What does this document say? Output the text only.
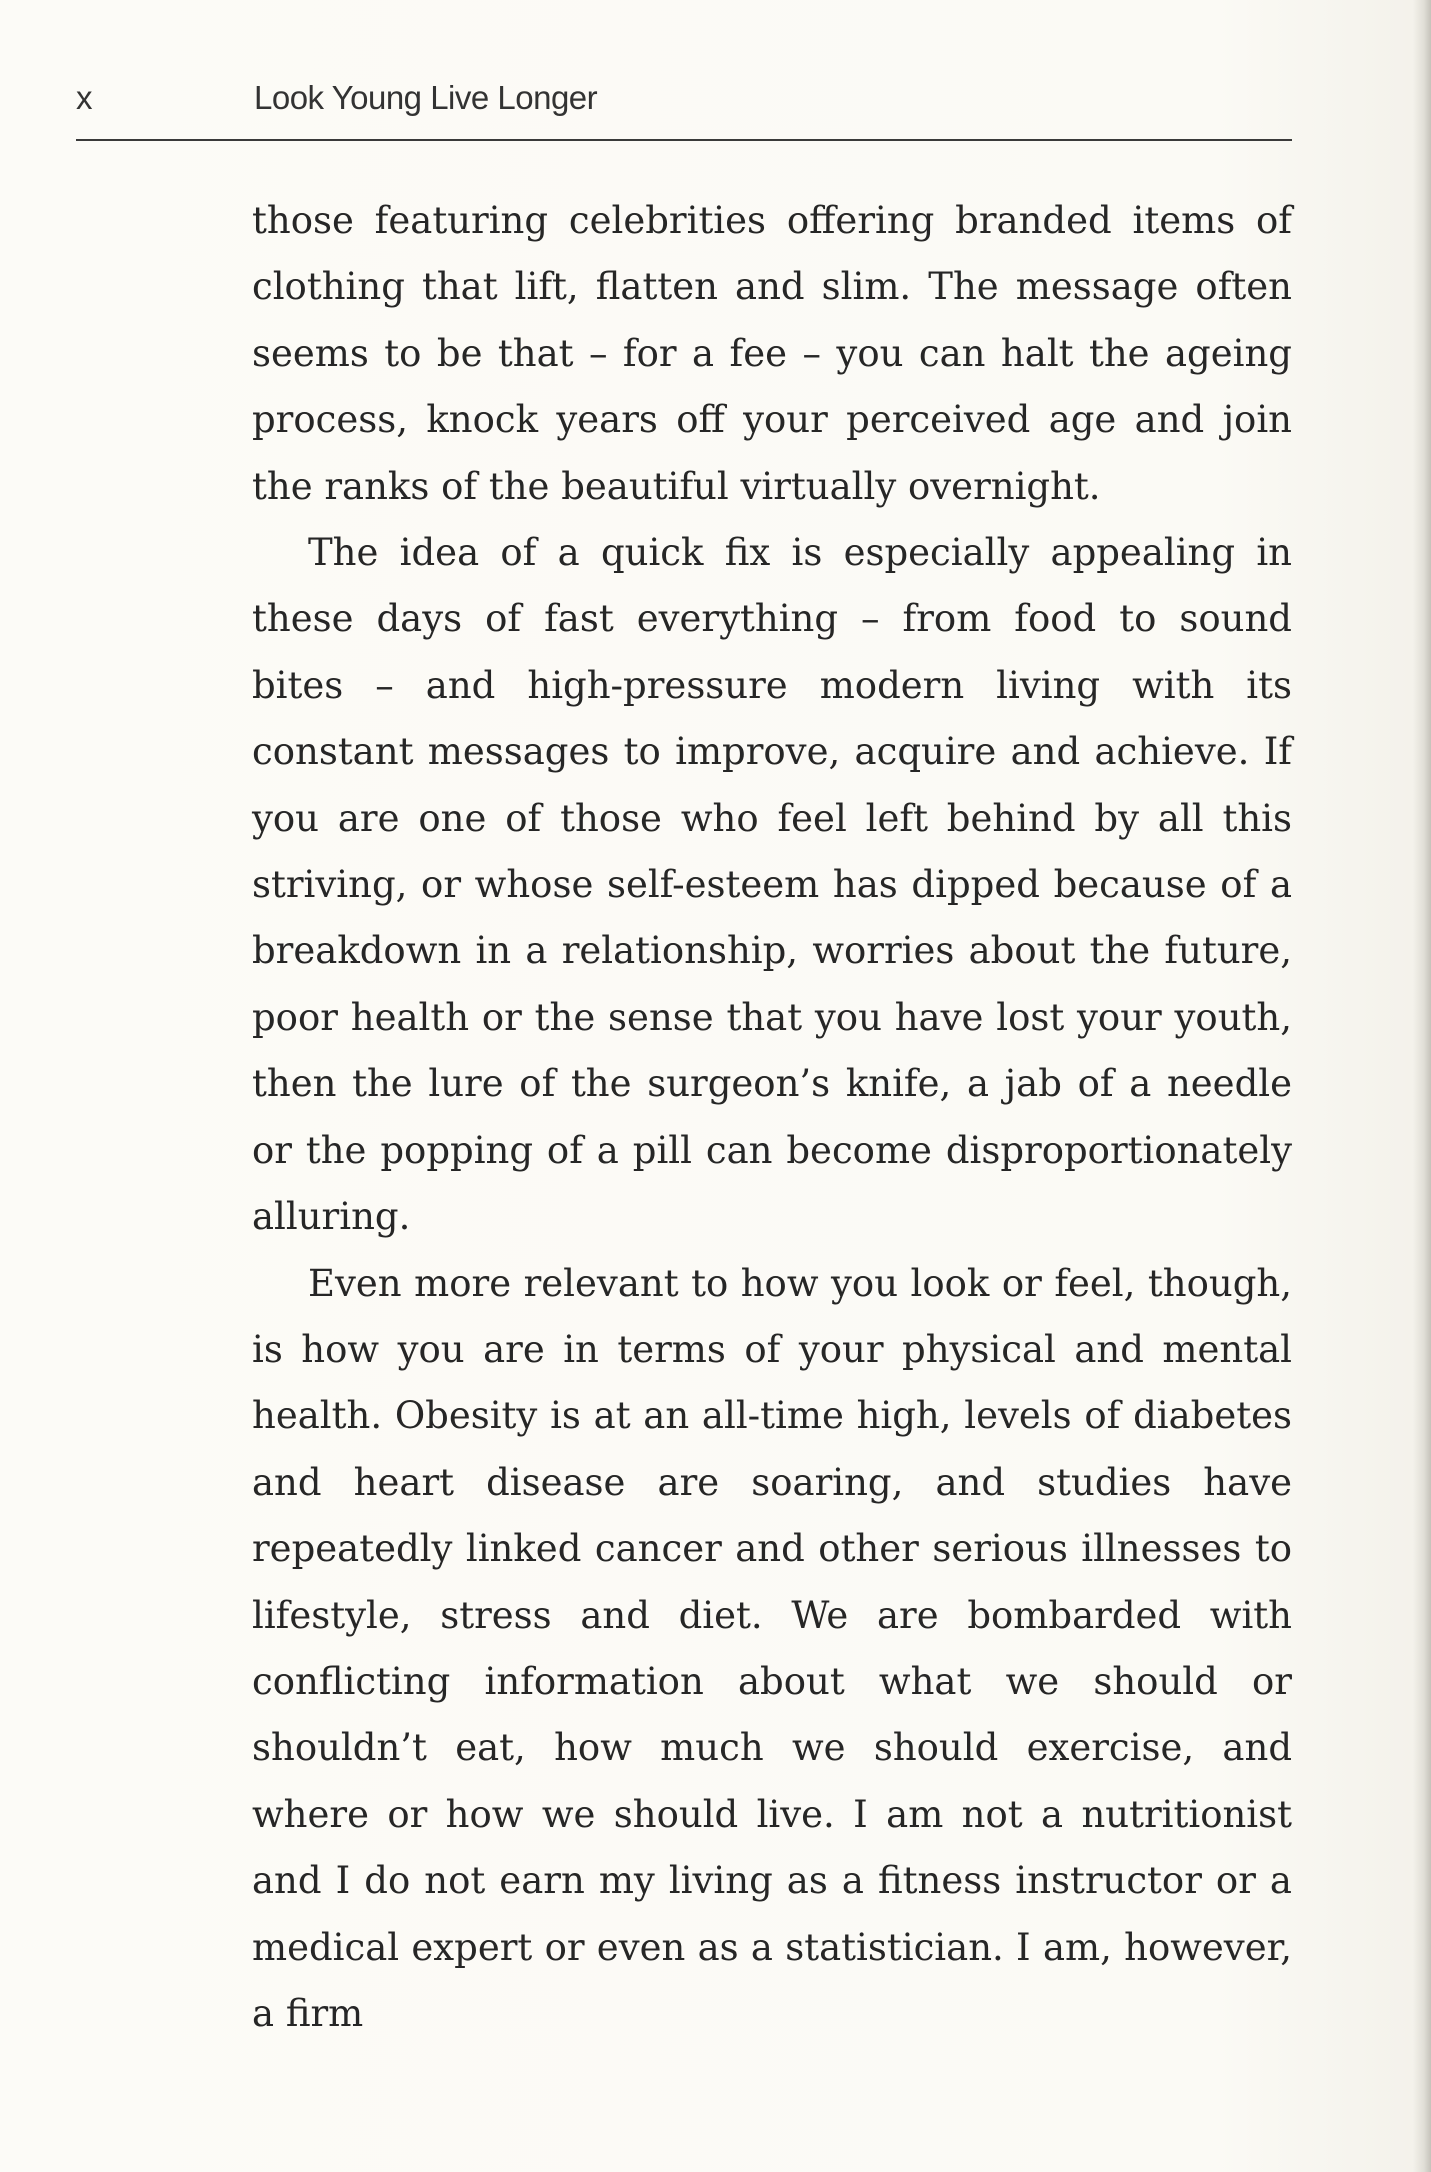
x	Look Young Live Longer

those featuring celebrities offering branded items of clothing that lift, flatten and slim. The message often seems to be that – for a fee – you can halt the ageing process, knock years off your perceived age and join the ranks of the beautiful virtually overnight.

The idea of a quick fix is especially appealing in these days of fast everything – from food to sound bites – and high-pressure modern living with its constant messages to improve, acquire and achieve. If you are one of those who feel left behind by all this striving, or whose self-esteem has dipped because of a breakdown in a relationship, worries about the future, poor health or the sense that you have lost your youth, then the lure of the surgeon’s knife, a jab of a needle or the popping of a pill can become disproportionately alluring.

Even more relevant to how you look or feel, though, is how you are in terms of your physical and mental health. Obesity is at an all-time high, levels of diabetes and heart disease are soaring, and studies have repeatedly linked cancer and other serious illnesses to lifestyle, stress and diet. We are bombarded with conflicting information about what we should or shouldn’t eat, how much we should exercise, and where or how we should live. I am not a nutritionist and I do not earn my living as a fitness instructor or a medical expert or even as a statistician. I am, however, a firm
